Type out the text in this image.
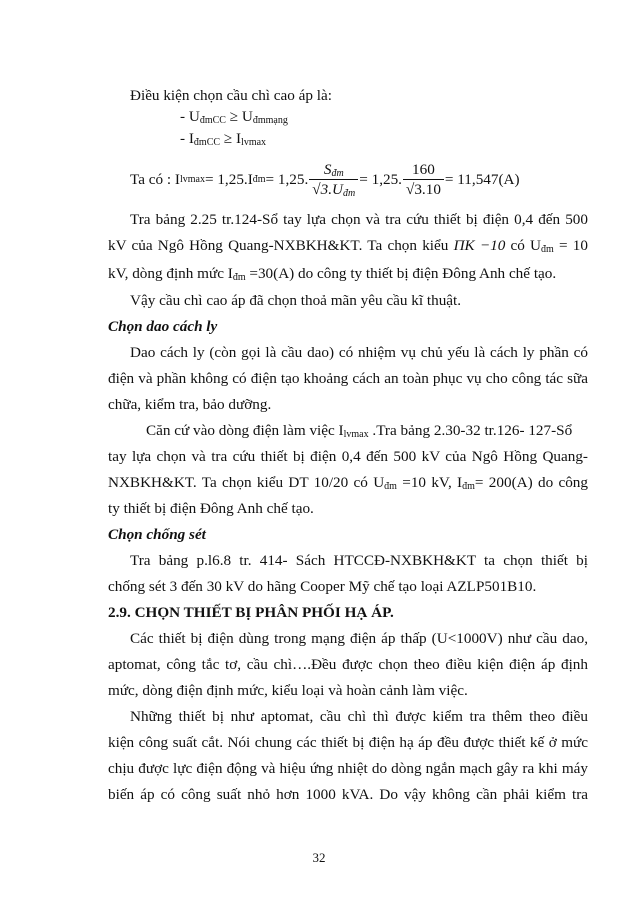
Điều kiện chọn cầu chì cao áp là:
- $U_{đmCC} \ge U_{đmmạng}$
- $I_{đmCC} \ge I_{lvmax}$
Ta có : I lvmax = 1,25.I đm = 1,25. $\frac{S_{đm}}{√3.U_{đm}} = 1,25$. $\frac{160}{√3.10} = 11,547(A)$
Tra bảng 2.25 tr.124-Sổ tay lựa chọn và tra cứu thiết bị điện 0,4 đến 500
kV của Ngô Hồng Quang-NXBKH&KT. Ta chọn kiểu ПK −10 có $U_{đm} = 10$
kV, dòng định mức $I_{đm} =30(A)$ do công ty thiết bị điện Đông Anh chế tạo.
Vậy cầu chì cao áp đã chọn thoả mãn yêu cầu kĩ thuật.
Chọn dao cách ly
Dao cách ly (còn gọi là cầu dao) có nhiệm vụ chủ yếu là cách ly phần có
điện và phần không có điện tạo khoảng cách an toàn phục vụ cho công tác sữa
chữa, kiểm tra, bảo dưỡng.
Căn cứ vào dòng điện làm việc $I_{lvmax}$ .Tra bảng 2.30-32 tr.126- 127-Sổ
tay lựa chọn và tra cứu thiết bị điện 0,4 đến 500 kV của Ngô Hồng Quang-
NXBKH&KT. Ta chọn kiểu DT 10/20 có $U_{đm} =10$ kV, $I_{đm}= 200(A)$ do công
ty thiết bị điện Đông Anh chế tạo.
Chọn chống sét
Tra bảng p.l6.8 tr. 414- Sách HTCCĐ-NXBKH&KT ta chọn thiết bị
chống sét 3 đến 30 kV do hãng Cooper Mỹ chế tạo loại AZLP501B10.
2.9. CHỌN THIẾT BỊ PHÂN PHỐI HẠ ÁP.
Các thiết bị điện dùng trong mạng điện áp thấp (U<1000V) như cầu dao,
aptomat, công tắc tơ, cầu chì….Đều được chọn theo điều kiện điện áp định
mức, dòng điện định mức, kiểu loại và hoàn cảnh làm việc.
Những thiết bị như aptomat, cầu chì thì được kiểm tra thêm theo điều
kiện công suất cắt. Nói chung các thiết bị điện hạ áp đều được thiết kế ở mức
chịu được lực điện động và hiệu ứng nhiệt do dòng ngắn mạch gây ra khi máy
biến áp có công suất nhỏ hơn 1000 kVA. Do vậy không cần phải kiểm tra
32
